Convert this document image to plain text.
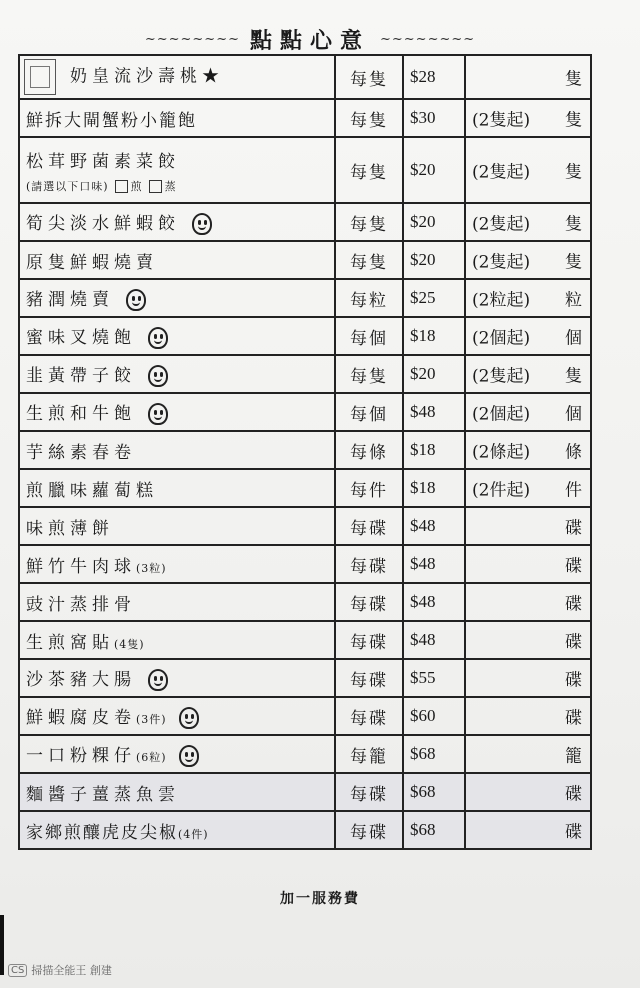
~~~~~~~~ 點點心意 ~~~~~~~~
奶皇流沙壽桃★	每隻	$28	隻

鮮拆大閘蟹粉小籠飽	每隻	$30	(2隻起) 隻

松茸野菌素菜餃
(請選以下口味) 煎 蒸	每隻	$20	(2隻起) 隻

筍尖淡水鮮蝦餃	每隻	$20	(2隻起) 隻

原隻鮮蝦燒賣	每隻	$20	(2隻起) 隻

豬潤燒賣	每粒	$25	(2粒起) 粒

蜜味叉燒飽	每個	$18	(2個起) 個

韭黃帶子餃	每隻	$20	(2隻起) 隻

生煎和牛飽	每個	$48	(2個起) 個

芋絲素春卷	每條	$18	(2條起) 條

煎臘味蘿蔔糕	每件	$18	(2件起) 件

味煎薄餅	每碟	$48	碟

鮮竹牛肉球(3粒)	每碟	$48	碟

豉汁蒸排骨	每碟	$48	碟

生煎窩貼(4隻)	每碟	$48	碟

沙茶豬大腸	每碟	$55	碟

鮮蝦腐皮卷(3件)	每碟	$60	碟

一口粉粿仔(6粒)	每籠	$68	籠

麵醬子薑蒸魚雲	每碟	$68	碟

家鄉煎釀虎皮尖椒(4件)	每碟	$68	碟
加一服務費
CS 掃描全能王 創建
